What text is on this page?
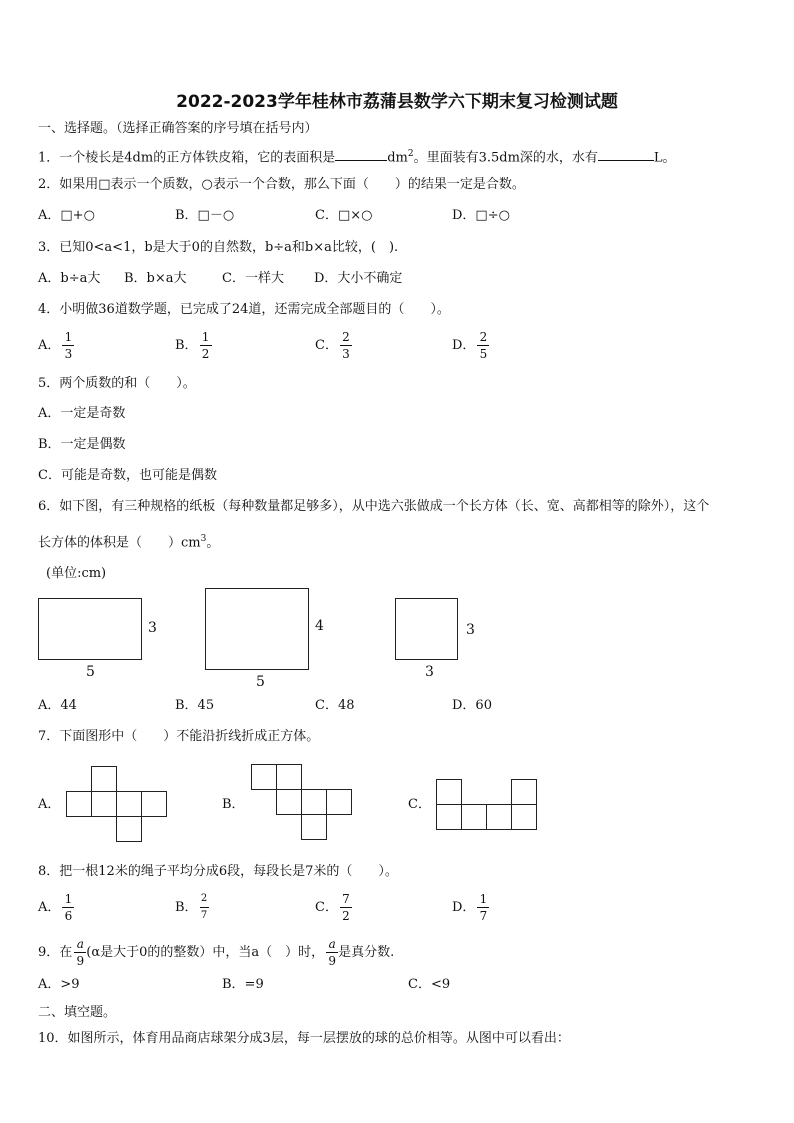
2022-2023学年桂林市荔蒲县数学六下期末复习检测试题
一、选择题。（选择正确答案的序号填在括号内）
1．一个棱长是4dm的正方体铁皮箱，它的表面积是	$dm^2$。里面装有3.5dm深的水，水有	L。
2．如果用□表示一个质数，○表示一个合数，那么下面（　　）的结果一定是合数。
A．□+○	B．□－○	C．□×○	D．□÷○
3．已知0<a<1，b是大于0的自然数，b÷a和b×a比较，(　).
A．b÷a大 B．b×a大	C．一样大 D．大小不确定
4．小明做36道数学题，已完成了24道，还需完成全部题目的（　　）。
A． $\frac{1}{3}$	B． $\frac{1}{2}$	C． $\frac{2}{3}$	D． $\frac{2}{5}$
5．两个质数的和（　　）。
A．一定是奇数
B．一定是偶数
C．可能是奇数，也可能是偶数
6．如下图，有三种规格的纸板（每种数量都足够多），从中选六张做成一个长方体（长、宽、高都相等的除外），这个
长方体的体积是（　　）$cm^3$。
(单位:cm)
3
5
4
5
3
3
A．44	B．45	C．48	D．60
7．下面图形中（　　）不能沿折线折成正方体。
A．	B．	C．
8．把一根12米的绳子平均分成6段，每段长是7米的（　　）。
A． $\frac{1}{6}$	B． $\frac{2}{7}$	C． $\frac{7}{2}$	D． $\frac{1}{7}$
9．在 $\frac{a}{9} (\alpha$是大于0的的整数）中，当a（　）时， $\frac{a}{9}$ 是真分数.
A．>9	B．=9	C．<9
二、填空题。
10．如图所示，体育用品商店球架分成3层，每一层摆放的球的总价相等。从图中可以看出：
